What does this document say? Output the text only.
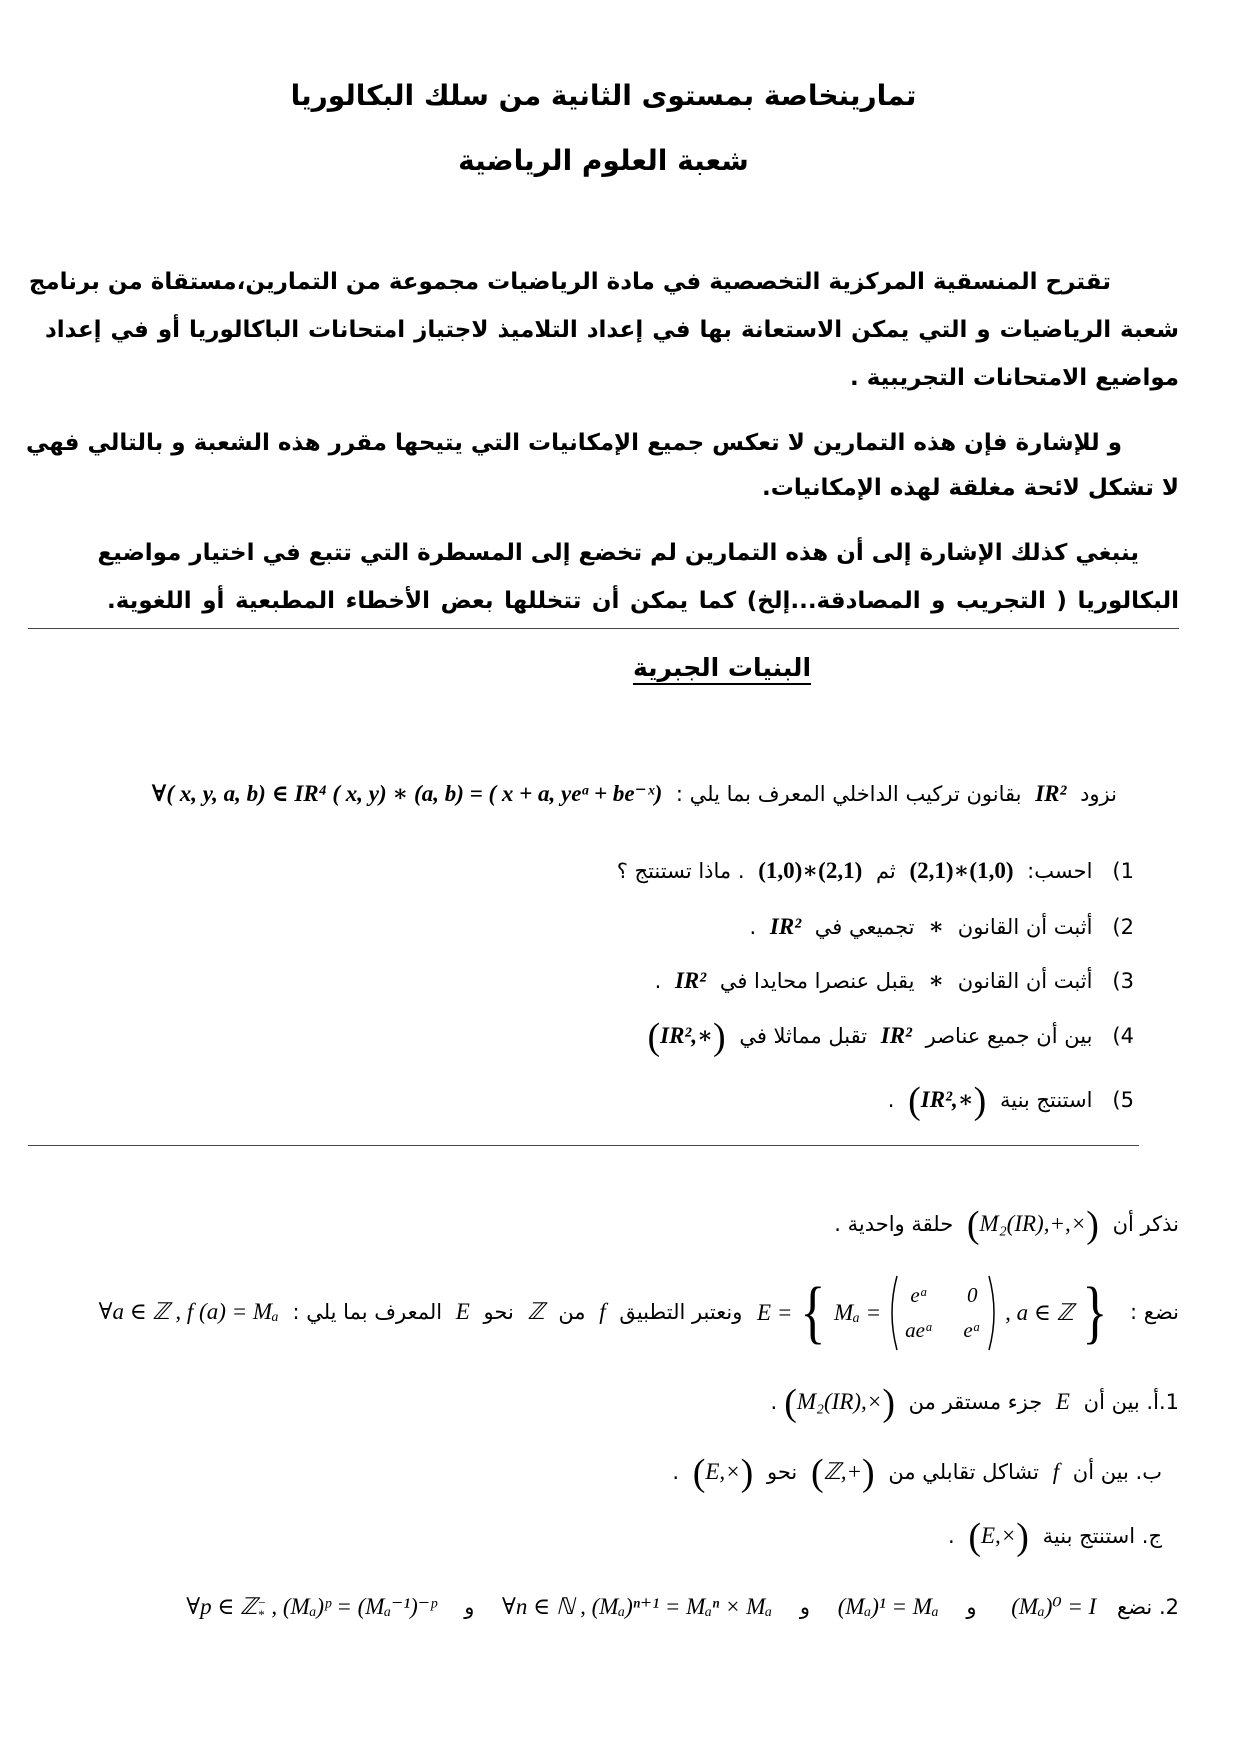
تمارينخاصة بمستوى الثانية من سلك البكالوريا
شعبة العلوم الرياضية
تقترح المنسقية المركزية التخصصية في مادة الرياضيات مجموعة من التمارين،مستقاة من برنامج
شعبة الرياضيات و التي يمكن الاستعانة بها في إعداد التلاميذ لاجتياز امتحانات الباكالوريا أو في إعداد
مواضيع الامتحانات التجريبية .
و للإشارة فإن هذه التمارين لا تعكس جميع الإمكانيات التي يتيحها مقرر هذه الشعبة و بالتالي فهي
لا تشكل لائحة مغلقة لهذه الإمكانيات.
ينبغي كذلك الإشارة إلى أن هذه التمارين لم تخضع إلى المسطرة التي تتبع في اختيار مواضيع
البكالوريا ( التجريب و المصادقة...إلخ) كما يمكن أن تتخللها بعض الأخطاء المطبعية أو اللغوية.
البنيات الجبرية
نزود IR² بقانون تركيب الداخلي المعرف بما يلي : ∀( x, y, a, b) ∈ IR⁴ ( x, y) ∗ (a, b) = ( x + a, yeᵃ + be⁻ˣ)
1)احسب: (2,1)∗(1,0) ثم (1,0)∗(2,1) . ماذا تستنتج ؟
2)أثبت أن القانون ∗ تجميعي في IR² .
3)أثبت أن القانون ∗ يقبل عنصرا محايدا في IR² .
4)بين أن جميع عناصر IR² تقبل مماثلا في (IR²,∗)
5)استنتج بنية (IR²,∗) .
نذكر أن (M₂(IR),+,×) حلقة واحدية .
نضع :
E = { Mₐ =
eᵃ 0
aeᵃ eᵃ
, a ∈ ℤ }
ونعتبر التطبيق f من ℤ نحو E المعرف بما يلي : ∀a ∈ ℤ , f (a) = Mₐ
1.أ. بين أن E جزء مستقر من (M₂(IR),×).
ب. بين أن f تشاكل تقابلي من (ℤ,+) نحو (E,×) .
ج. استنتج بنية (E,×) .
2. نضع (Mₐ)⁰ = I و (Mₐ)¹ = Mₐ و ∀n ∈ ℕ , (Mₐ)ⁿ⁺¹ = Mₐⁿ × Mₐ و ∀p ∈ ℤ −
* , (Mₐ)ᵖ = (Mₐ⁻¹)⁻ᵖ
